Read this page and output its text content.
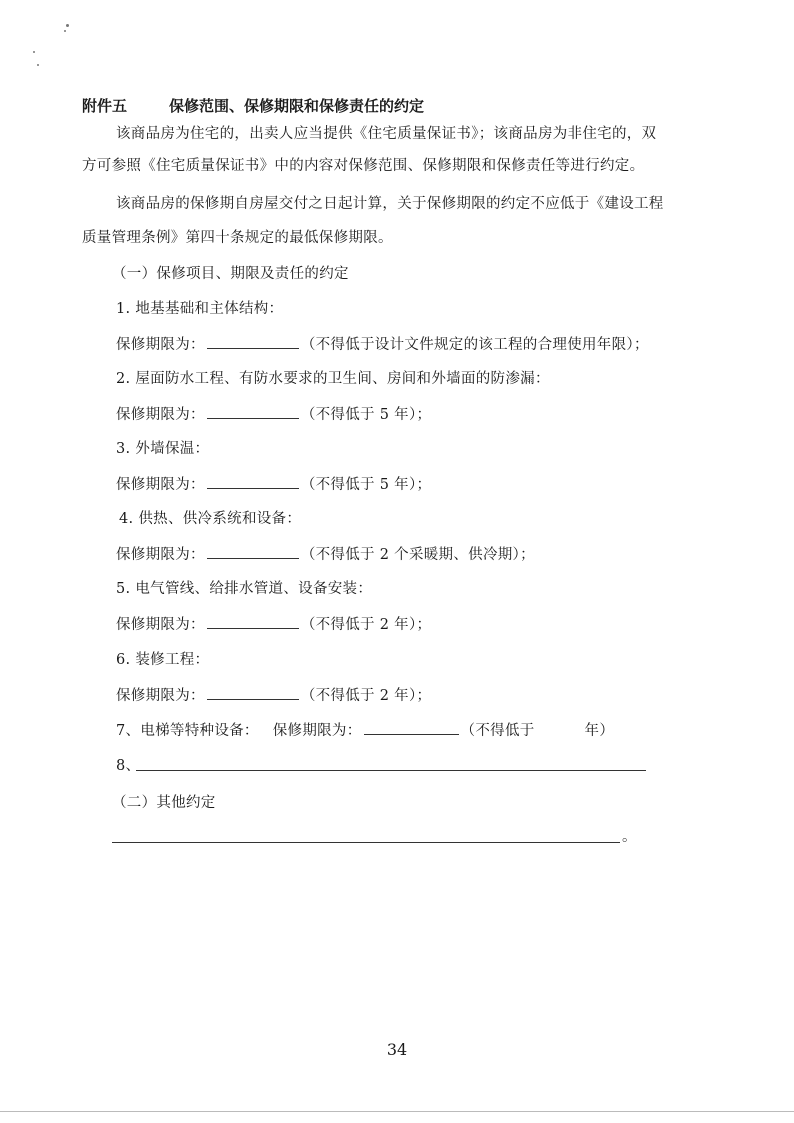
附件五	保修范围、保修期限和保修责任的约定
该商品房为住宅的，出卖人应当提供《住宅质量保证书》；该商品房为非住宅的，双
方可参照《住宅质量保证书》中的内容对保修范围、保修期限和保修责任等进行约定。
该商品房的保修期自房屋交付之日起计算，关于保修期限的约定不应低于《建设工程
质量管理条例》第四十条规定的最低保修期限。
（一）保修项目、期限及责任的约定
1. 地基基础和主体结构：
保修期限为：	（不得低于设计文件规定的该工程的合理使用年限）；
2. 屋面防水工程、有防水要求的卫生间、房间和外墙面的防渗漏：
保修期限为：	（不得低于 5 年）；
3. 外墙保温：
保修期限为：	（不得低于 5 年）；
4. 供热、供冷系统和设备：
保修期限为：	（不得低于 2 个采暖期、供冷期）；
5. 电气管线、给排水管道、设备安装：
保修期限为：	（不得低于 2 年）；
6. 装修工程：
保修期限为：	（不得低于 2 年）；
7、电梯等特种设备： 保修期限为：	（不得低于	年）
8、
（二）其他约定
。
34
